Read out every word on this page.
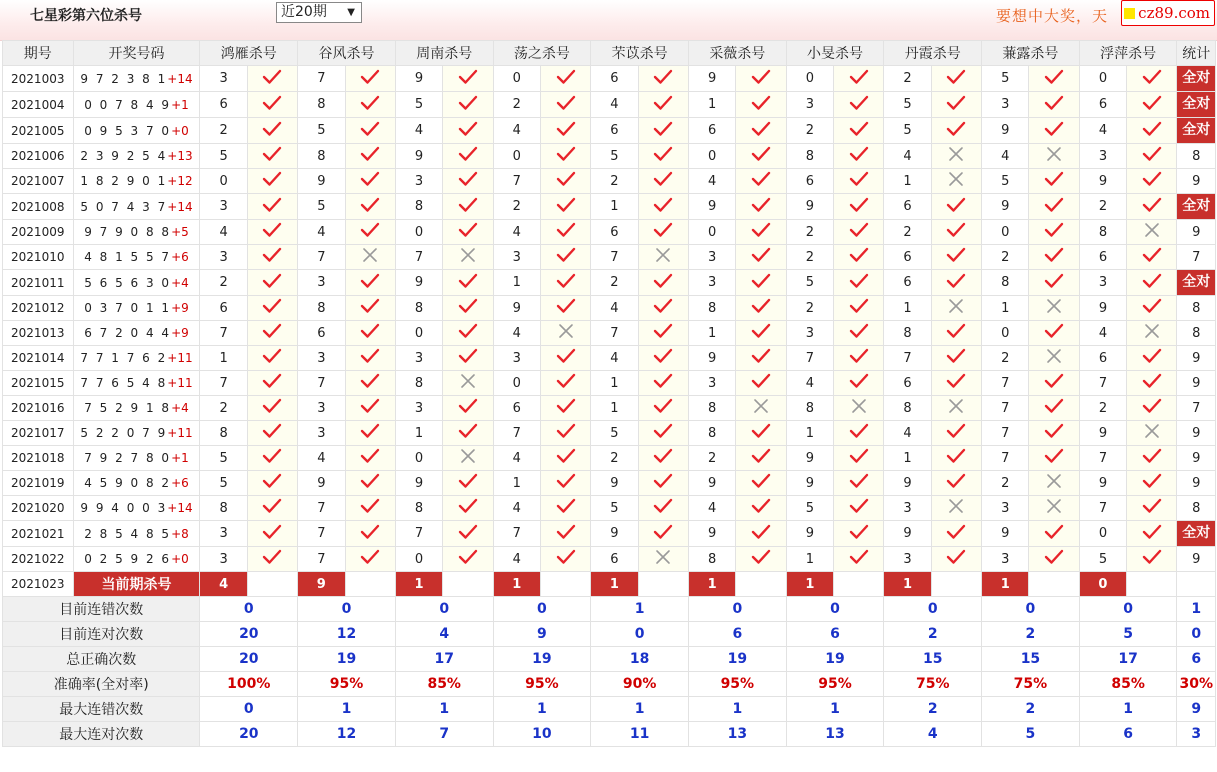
七星彩第六位杀号	近20期 ▼	要想中大奖，天 cz89.com
期号	开奖号码	鸿雁杀号		谷风杀号		周南杀号		荡之杀号		芣苡杀号		采薇杀号		小旻杀号		丹霞杀号		蒹露杀号		浮萍杀号		统计
2021003	9 7 2 3 8 1+14	3		7		9		0		6		9		0		2		5		0		全对

2021004	0 0 7 8 4 9+1	6		8		5		2		4		1		3		5		3		6		全对

2021005	0 9 5 3 7 0+0	2		5		4		4		6		6		2		5		9		4		全对

2021006	2 3 9 2 5 4+13	5		8		9		0		5		0		8		4		4		3		8
2021007	1 8 2 9 0 1+12	0		9		3		7		2		4		6		1		5		9		9
2021008	5 0 7 4 3 7+14	3		5		8		2		1		9		9		6		9		2		全对

2021009	9 7 9 0 8 8+5	4		4		0		4		6		0		2		2		0		8		9
2021010	4 8 1 5 5 7+6	3		7		7		3		7		3		2		6		2		6		7
2021011	5 6 5 6 3 0+4	2		3		9		1		2		3		5		6		8		3		全对

2021012	0 3 7 0 1 1+9	6		8		8		9		4		8		2		1		1		9		8
2021013	6 7 2 0 4 4+9	7		6		0		4		7		1		3		8		0		4		8
2021014	7 7 1 7 6 2+11	1		3		3		3		4		9		7		7		2		6		9
2021015	7 7 6 5 4 8+11	7		7		8		0		1		3		4		6		7		7		9
2021016	7 5 2 9 1 8+4	2		3		3		6		1		8		8		8		7		2		7
2021017	5 2 2 0 7 9+11	8		3		1		7		5		8		1		4		7		9		9
2021018	7 9 2 7 8 0+1	5		4		0		4		2		2		9		1		7		7		9
2021019	4 5 9 0 8 2+6	5		9		9		1		9		9		9		9		2		9		9
2021020	9 9 4 0 0 3+14	8		7		8		4		5		4		5		3		3		7		8
2021021	2 8 5 4 8 5+8	3		7		7		7		9		9		9		9		9		0		全对

2021022	0 2 5 9 2 6+0	3		7		0		4		6		8		1		3		3		5		9
2021023	当前期杀号	4		9		1		1		1		1		1		1		1		0		
目前连错次数		0		0		0		0		1		0		0		0		0		0		1
目前连对次数		20		12		4		9		0		6		6		2		2		5		0
总正确次数		20		19		17		19		18		19		19		15		15		17		6
准确率(全对率)		100%		95%		85%		95%		90%		95%		95%		75%		75%		85%		30%
最大连错次数		0		1		1		1		1		1		1		2		2		1		9
最大连对次数		20		12		7		10		11		13		13		4		5		6		3
